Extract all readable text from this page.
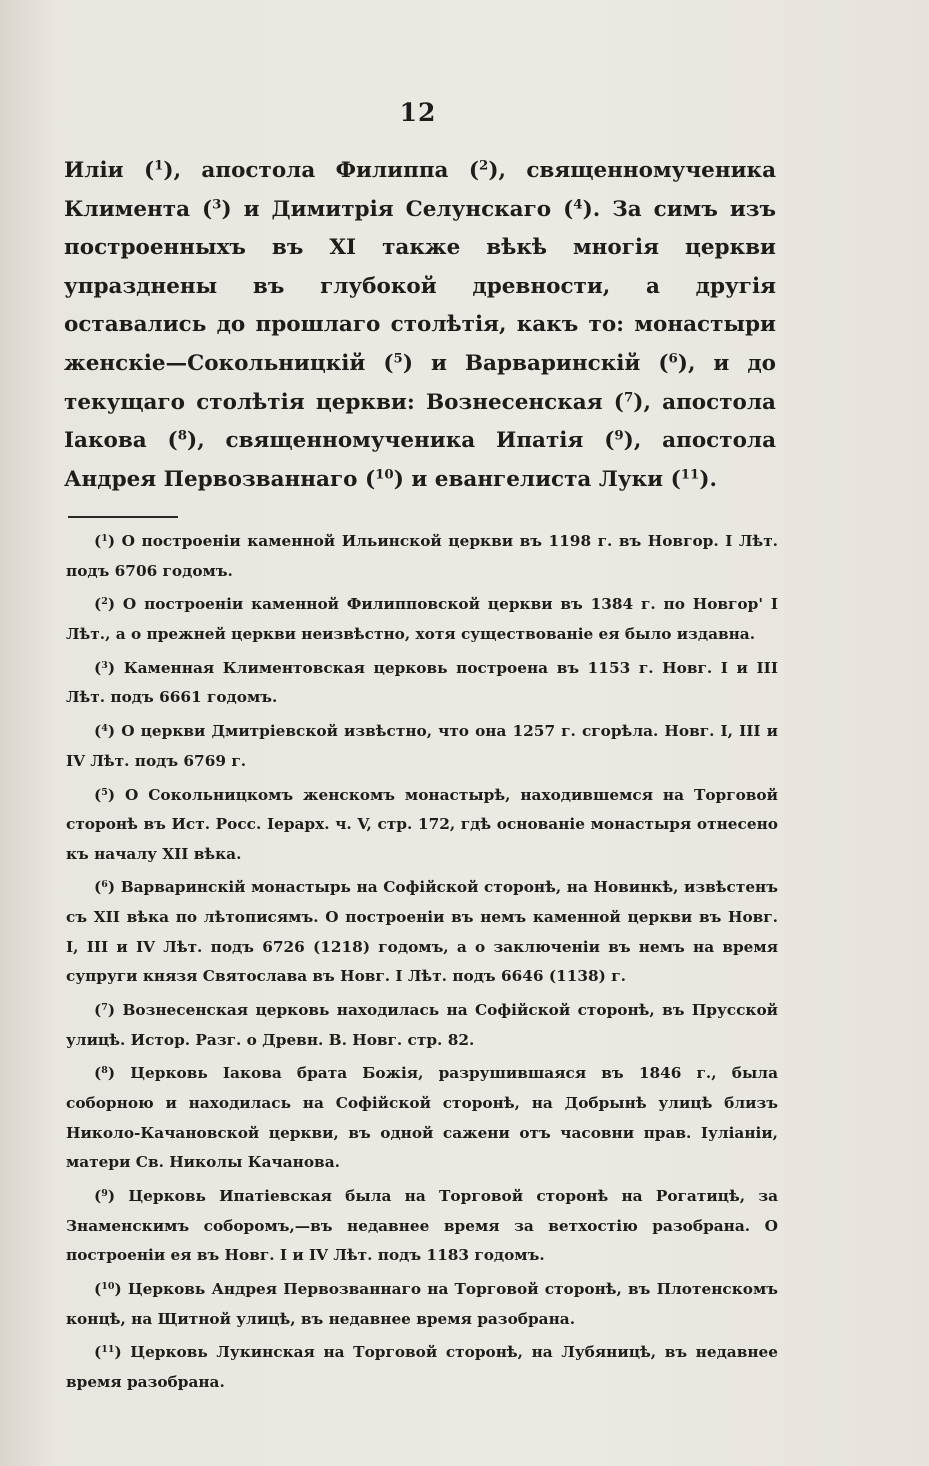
12
Иліи ($^1$), апостола Филиппа ($^2$), священномученика Климента ($^3$) и Димитрія Селунскаго ($^4$). За симъ изъ построенныхъ въ XI также вѣкѣ многія церкви упразднены въ глубокой древности, а другія оставались до прошлаго столѣтія, какъ то: монастыри женскіе—Сокольницкій ($^5$) и Варваринскій ($^6$), и до текущаго столѣтія церкви: Вознесенская ($^7$), апостола Іакова ($^8$), священномученика Ипатія ($^9$), апостола Андрея Первозваннаго ($^{10}$) и евангелиста Луки ($^{11}$).
($^1$) О построеніи каменной Ильинской церкви въ 1198 г. въ Новгор. I Лѣт. подъ 6706 годомъ.
($^2$) О построеніи каменной Филипповской церкви въ 1384 г. по Новгор' I Лѣт., а о прежней церкви неизвѣстно, хотя существованіе ея было издавна.
($^3$) Каменная Климентовская церковь построена въ 1153 г. Новг. I и III Лѣт. подъ 6661 годомъ.
($^4$) О церкви Дмитріевской извѣстно, что она 1257 г. сгорѣла. Новг. I, III и IV Лѣт. подъ 6769 г.
($^5$) О Сокольницкомъ женскомъ монастырѣ, находившемся на Торговой сторонѣ въ Ист. Росс. Іерарх. ч. V, стр. 172, гдѣ основаніе монастыря отнесено къ началу XII вѣка.
($^6$) Варваринскій монастырь на Софійской сторонѣ, на Новинкѣ, извѣстенъ съ XII вѣка по лѣтописямъ. О построеніи въ немъ каменной церкви въ Новг. I, III и IV Лѣт. подъ 6726 (1218) годомъ, а о заключеніи въ немъ на время супруги князя Святослава въ Новг. I Лѣт. подъ 6646 (1138) г.
($^7$) Вознесенская церковь находилась на Софійской сторонѣ, въ Прусской улицѣ. Истор. Разг. о Древн. В. Новг. стр. 82.
($^8$) Церковь Іакова брата Божія, разрушившаяся въ 1846 г., была соборною и находилась на Софійской сторонѣ, на Добрынѣ улицѣ близъ Николо-Качановской церкви, въ одной сажени отъ часовни прав. Іуліаніи, матери Св. Николы Качанова.
($^9$) Церковь Ипатіевская была на Торговой сторонѣ на Рогатицѣ, за Знаменскимъ соборомъ,—въ недавнее время за ветхостію разобрана. О построеніи ея въ Новг. I и IV Лѣт. подъ 1183 годомъ.
($^{10}$) Церковь Андрея Первозваннаго на Торговой сторонѣ, въ Плотенскомъ концѣ, на Щитной улицѣ, въ недавнее время разобрана.
($^{11}$) Церковь Лукинская на Торговой сторонѣ, на Лубяницѣ, въ недавнее время разобрана.
